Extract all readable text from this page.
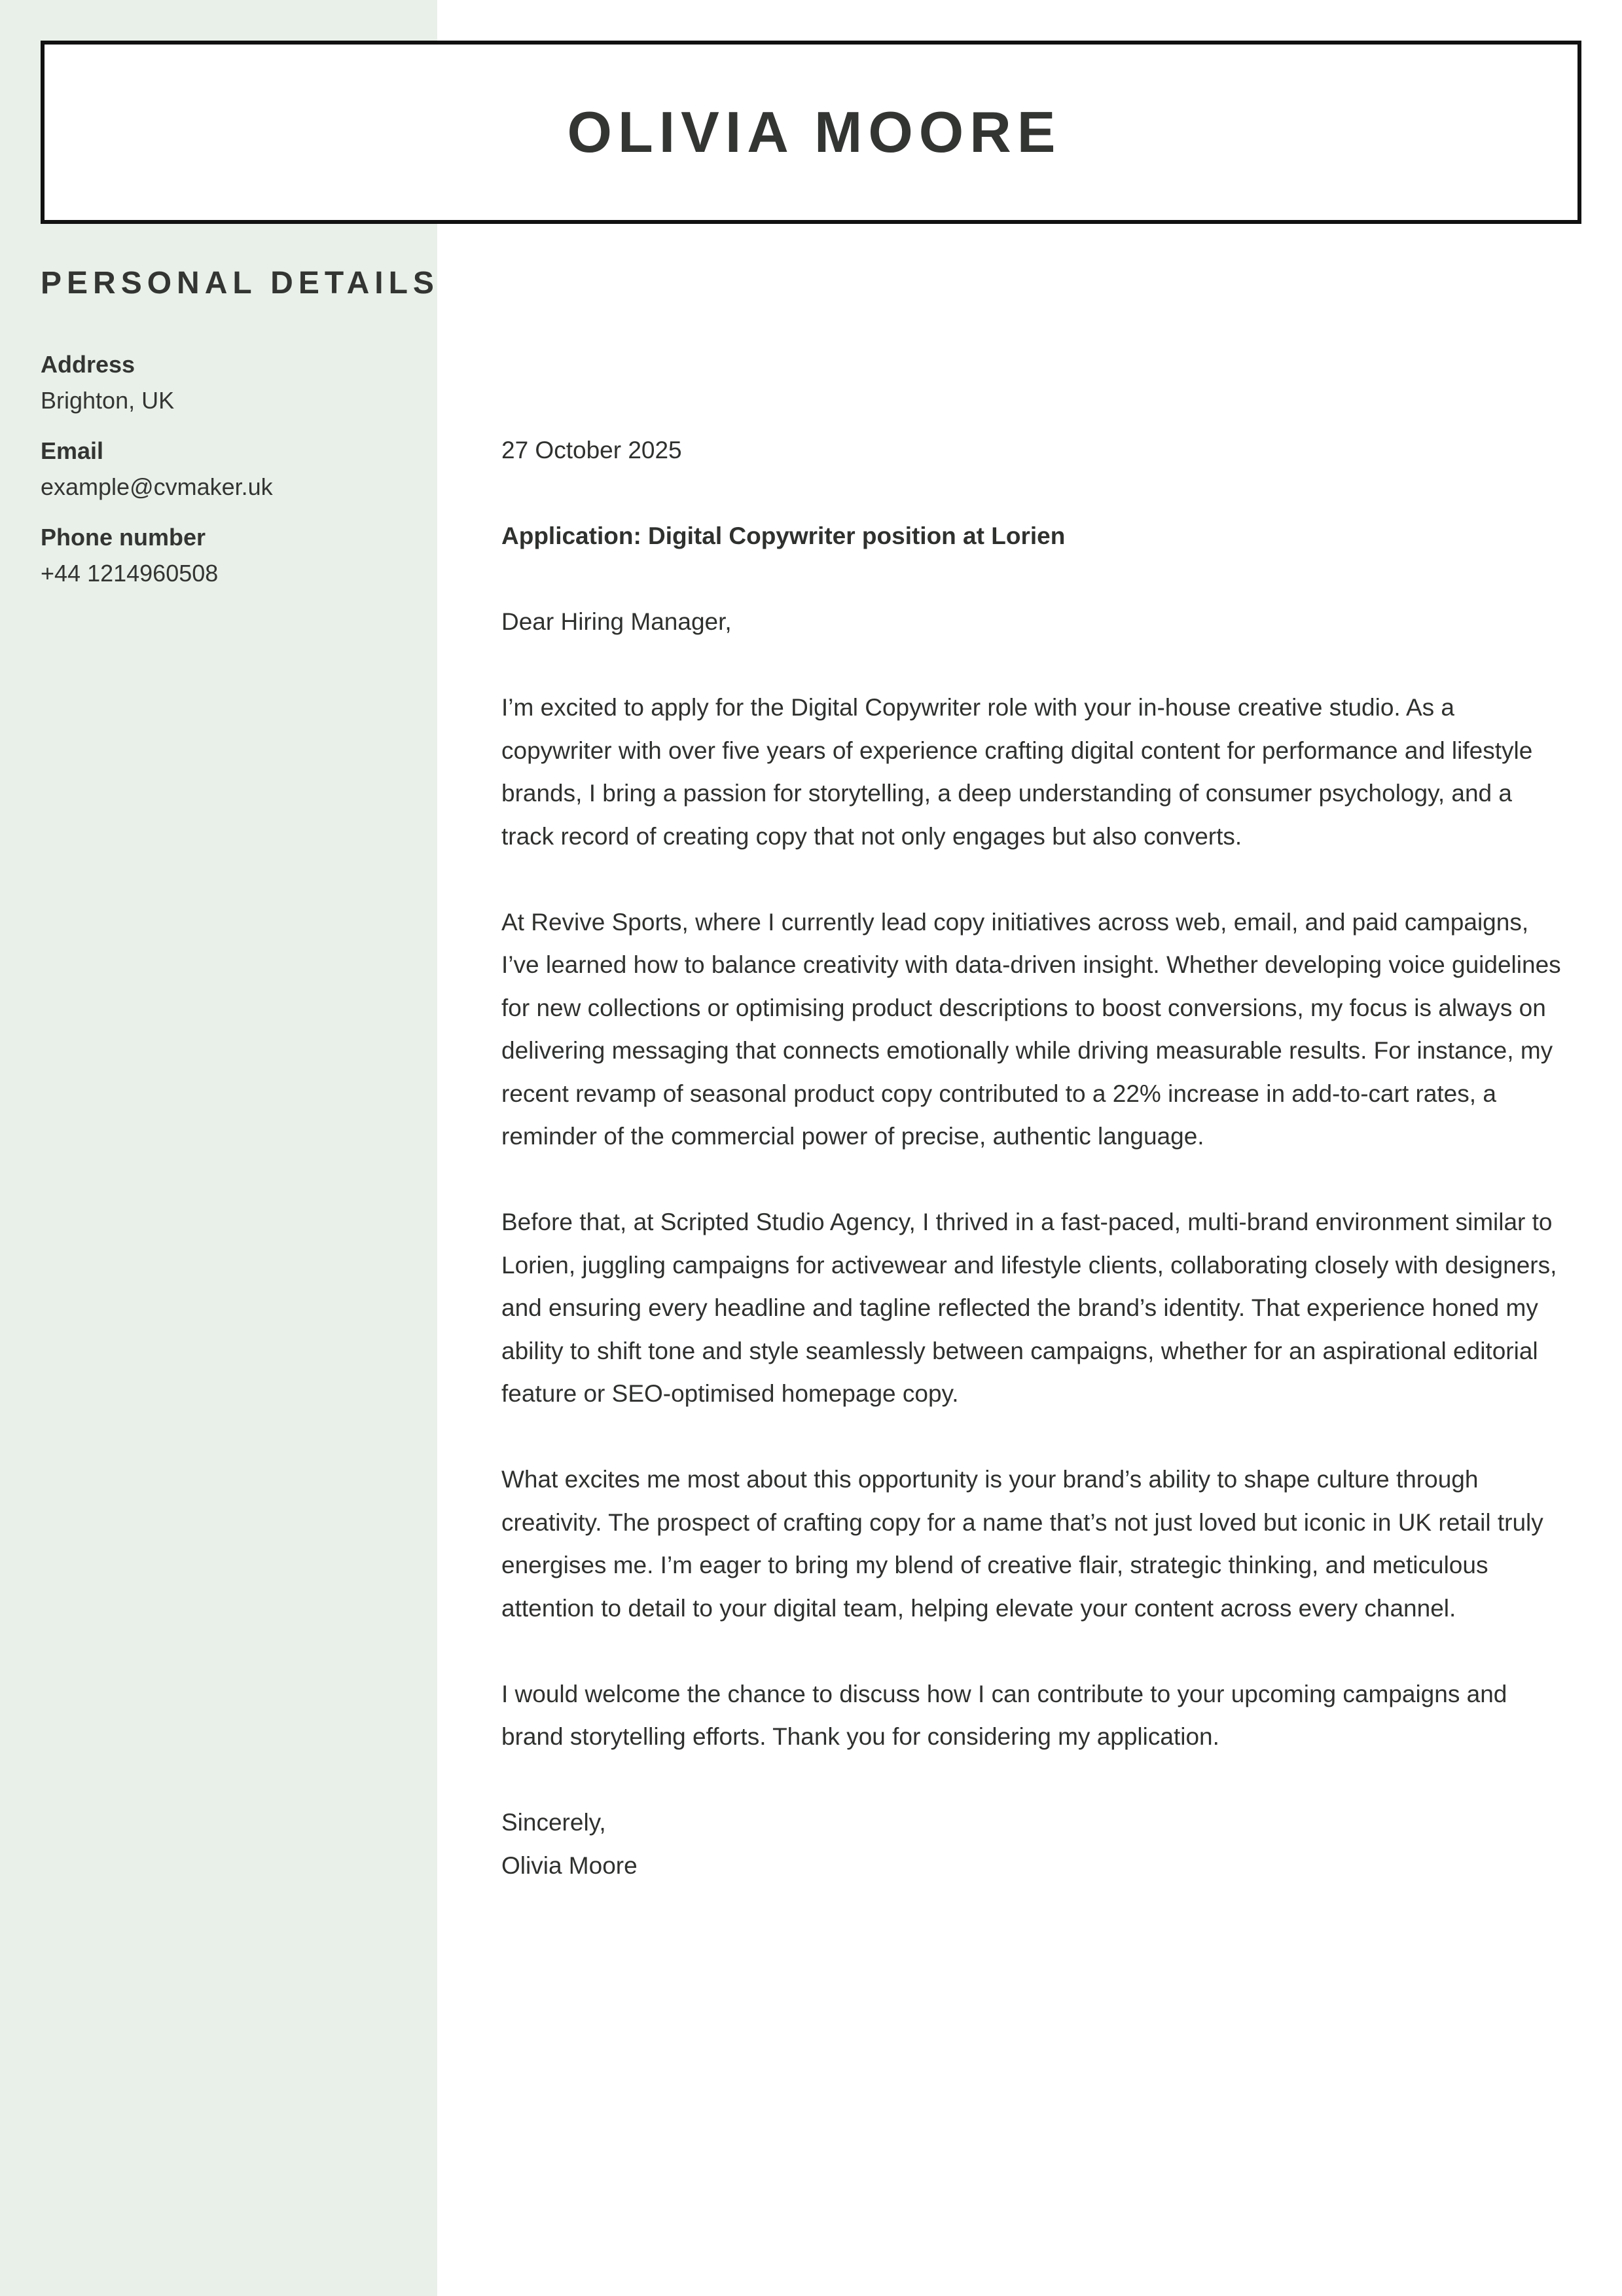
OLIVIA MOORE
PERSONAL DETAILS
Address
Brighton, UK
Email
example@cvmaker.uk
Phone number
+44 1214960508

27 October 2025

Application: Digital Copywriter position at Lorien

Dear Hiring Manager,

I’m excited to apply for the Digital Copywriter role with your in-house creative studio. As a copywriter with over five years of experience crafting digital content for performance and lifestyle brands, I bring a passion for storytelling, a deep understanding of consumer psychology, and a track record of creating copy that not only engages but also converts.

At Revive Sports, where I currently lead copy initiatives across web, email, and paid campaigns, I’ve learned how to balance creativity with data-driven insight. Whether developing voice guidelines for new collections or optimising product descriptions to boost conversions, my focus is always on delivering messaging that connects emotionally while driving measurable results. For instance, my recent revamp of seasonal product copy contributed to a 22% increase in add-to-cart rates, a reminder of the commercial power of precise, authentic language.

Before that, at Scripted Studio Agency, I thrived in a fast-paced, multi-brand environment similar to Lorien, juggling campaigns for activewear and lifestyle clients, collaborating closely with designers, and ensuring every headline and tagline reflected the brand’s identity. That experience honed my ability to shift tone and style seamlessly between campaigns, whether for an aspirational editorial feature or SEO-optimised homepage copy.

What excites me most about this opportunity is your brand’s ability to shape culture through creativity. The prospect of crafting copy for a name that’s not just loved but iconic in UK retail truly energises me. I’m eager to bring my blend of creative flair, strategic thinking, and meticulous attention to detail to your digital team, helping elevate your content across every channel.

I would welcome the chance to discuss how I can contribute to your upcoming campaigns and brand storytelling efforts. Thank you for considering my application.

Sincerely,

Olivia Moore
